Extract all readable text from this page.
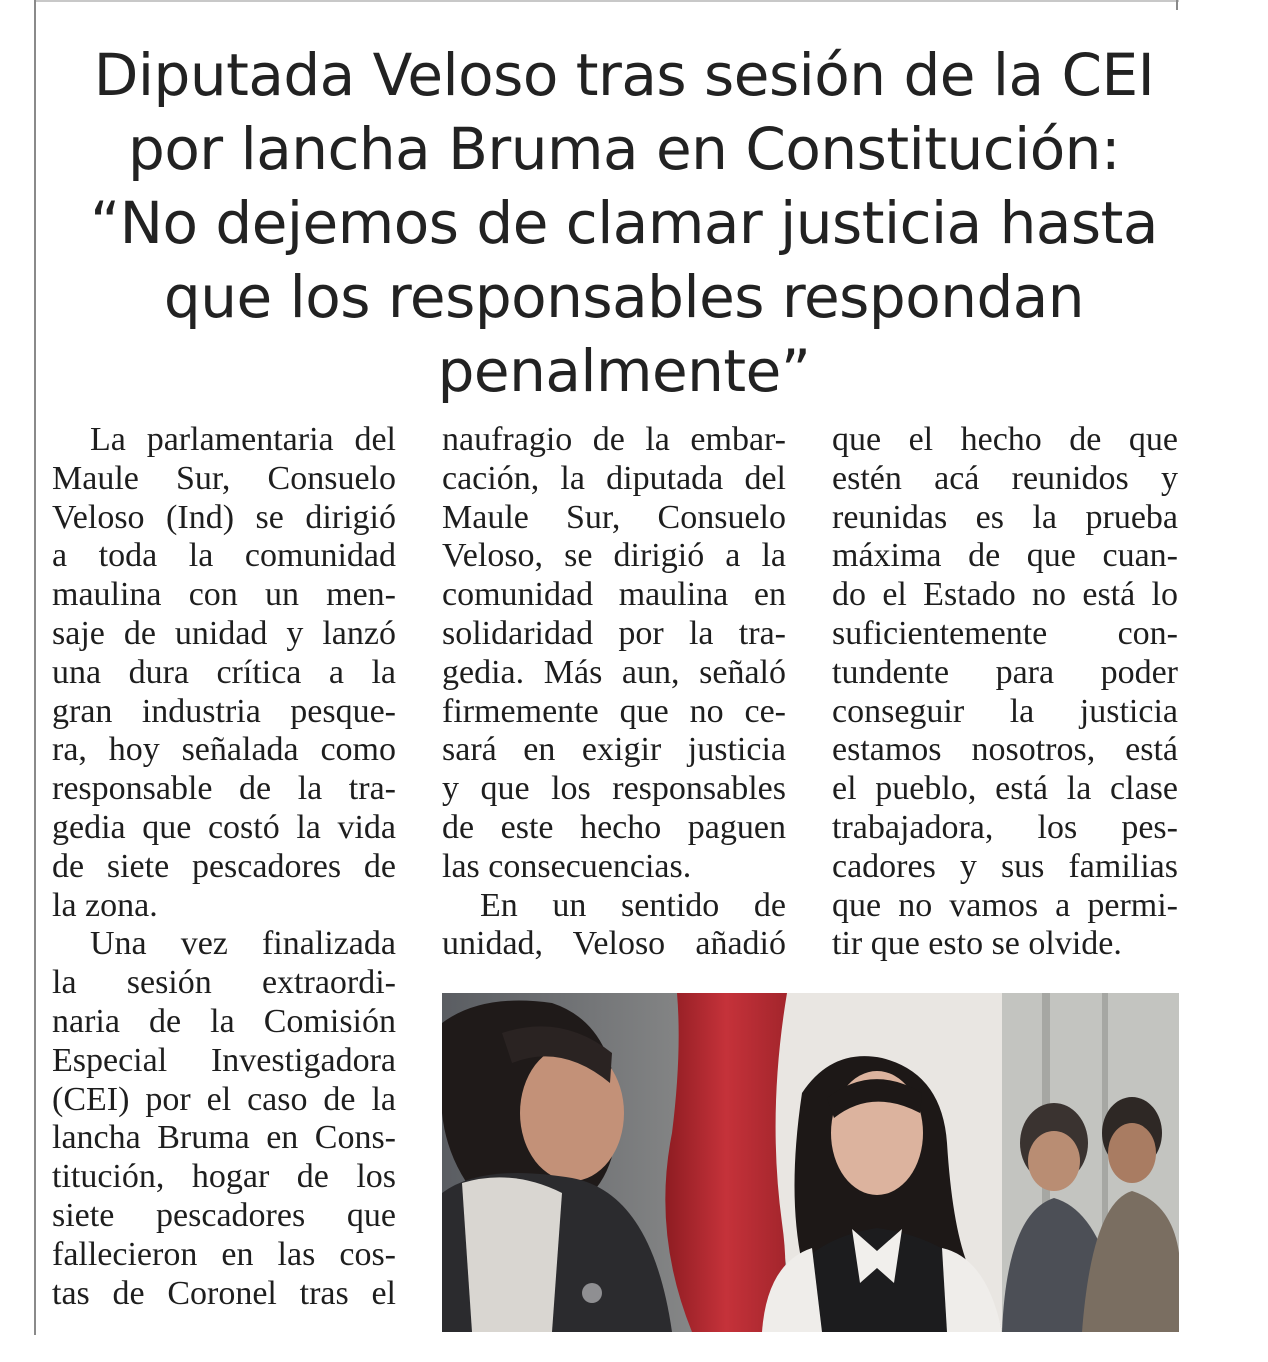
Diputada Veloso tras sesión de la CEI
por lancha Bruma en Constitución:
“No dejemos de clamar justicia hasta
que los responsables respondan
penalmente”
La parlamentaria del
Maule Sur, Consuelo
Veloso (Ind) se dirigió
a toda la comunidad
maulina con un men-
saje de unidad y lanzó
una dura crítica a la
gran industria pesque-
ra, hoy señalada como
responsable de la tra-
gedia que costó la vida
de siete pescadores de
la zona.
Una vez finalizada
la sesión extraordi-
naria de la Comisión
Especial Investigadora
(CEI) por el caso de la
lancha Bruma en Cons-
titución, hogar de los
siete pescadores que
fallecieron en las cos-
tas de Coronel tras el
naufragio de la embar-
cación, la diputada del
Maule Sur, Consuelo
Veloso, se dirigió a la
comunidad maulina en
solidaridad por la tra-
gedia. Más aun, señaló
firmemente que no ce-
sará en exigir justicia
y que los responsables
de este hecho paguen
las consecuencias.
En un sentido de
unidad, Veloso añadió
que el hecho de que
estén acá reunidos y
reunidas es la prueba
máxima de que cuan-
do el Estado no está lo
suficientemente con-
tundente para poder
conseguir la justicia
estamos nosotros, está
el pueblo, está la clase
trabajadora, los pes-
cadores y sus familias
que no vamos a permi-
tir que esto se olvide.
